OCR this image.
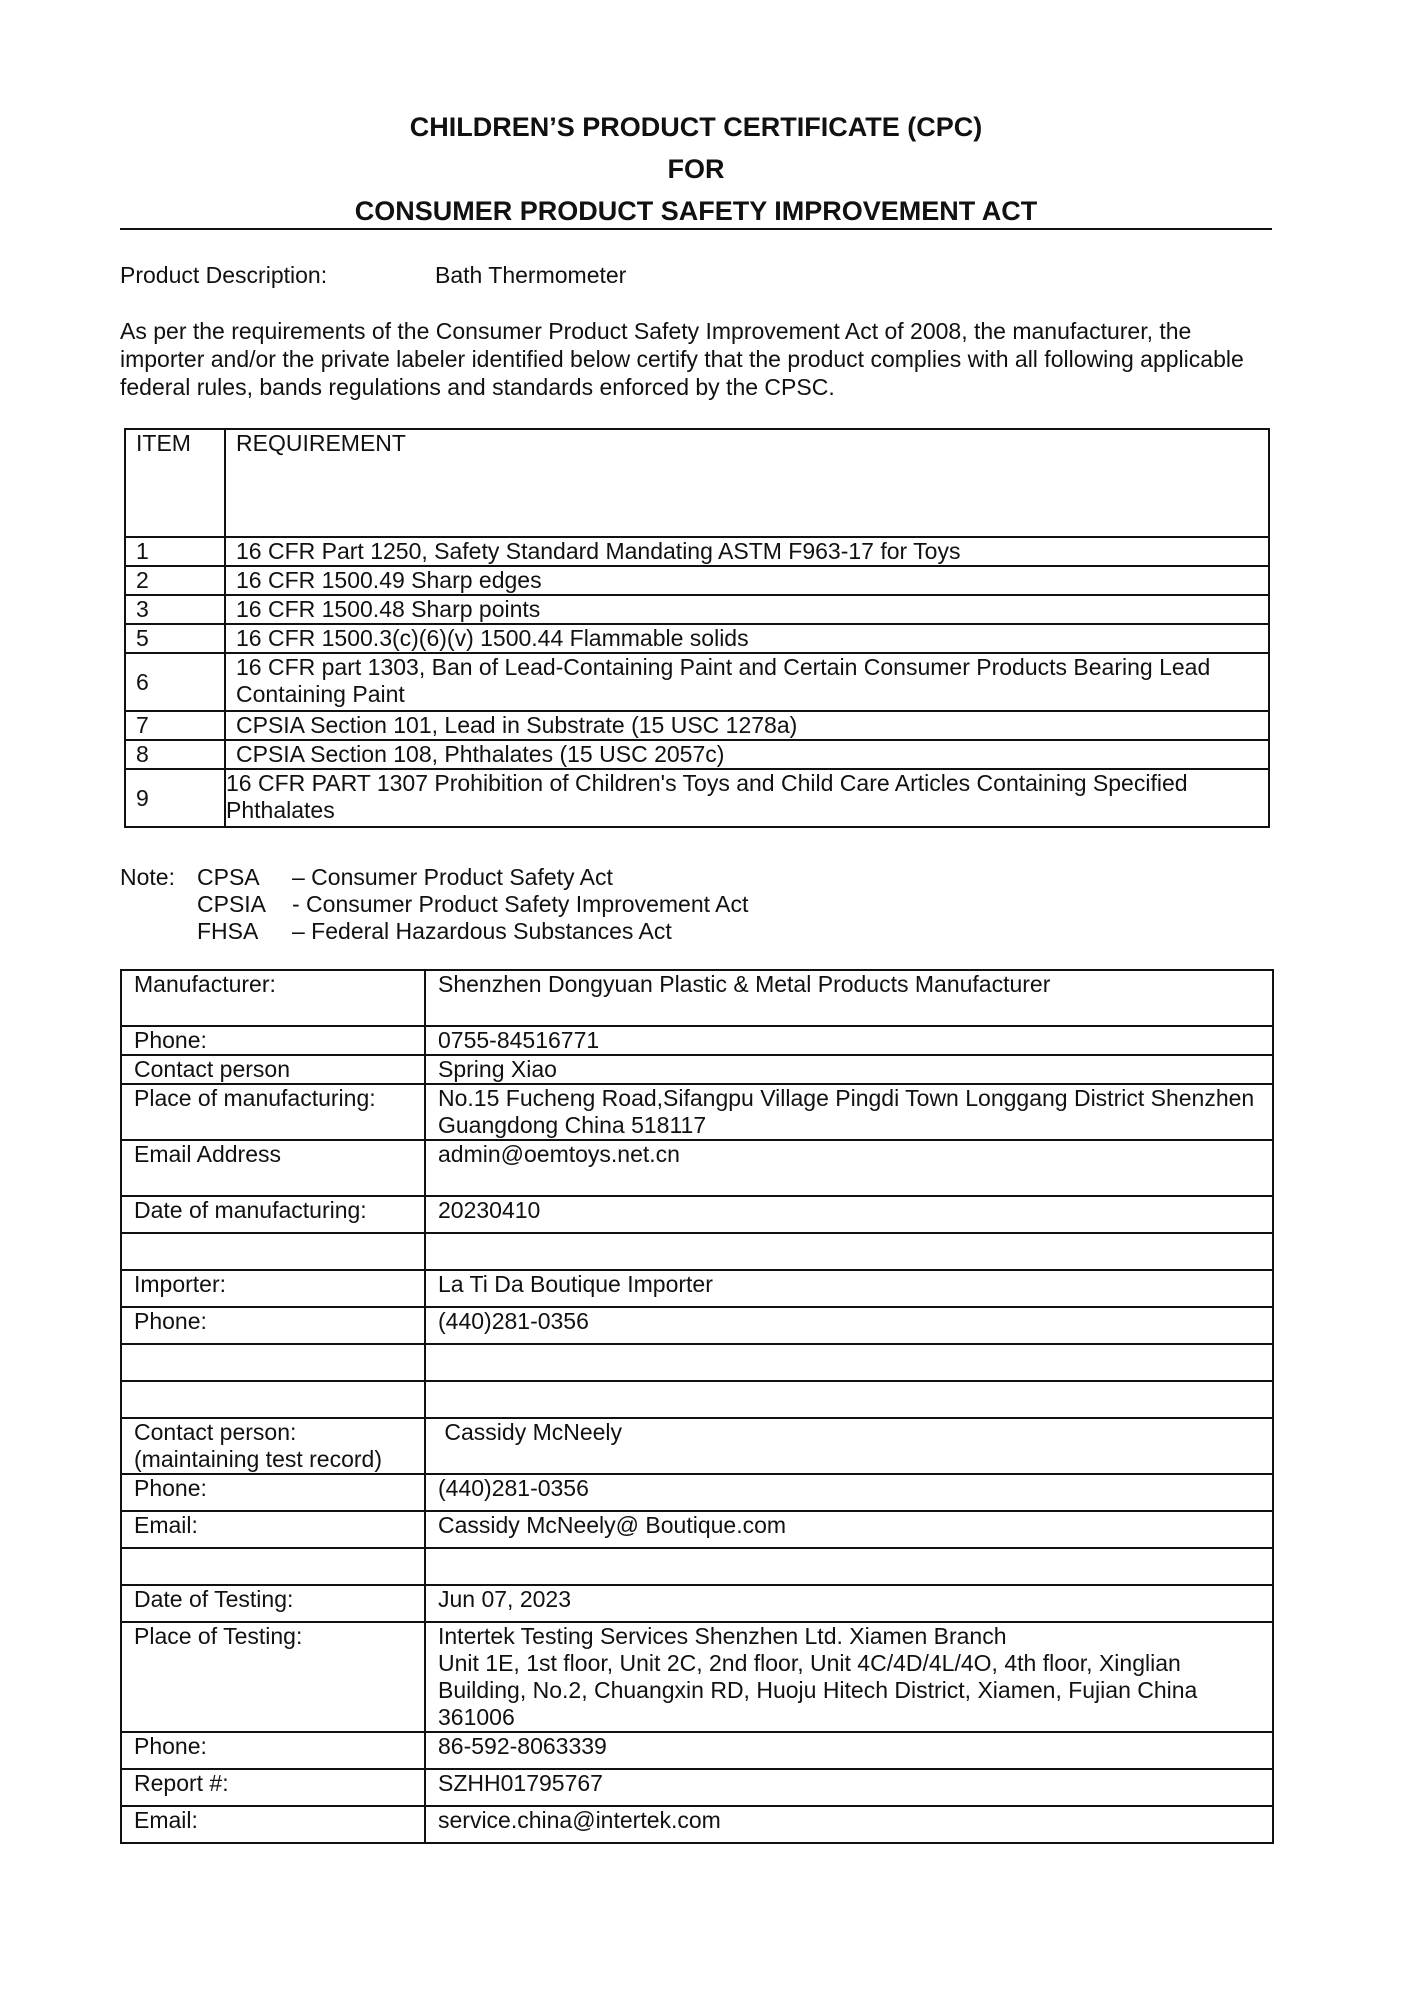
CHILDREN’S PRODUCT CERTIFICATE (CPC)
FOR
CONSUMER PRODUCT SAFETY IMPROVEMENT ACT
Product Description:	Bath Thermometer
As per the requirements of the Consumer Product Safety Improvement Act of 2008, the manufacturer, the importer and/or the private labeler identified below certify that the product complies with all following applicable federal rules, bands regulations and standards enforced by the CPSC.
ITEM	REQUIREMENT
1	16 CFR Part 1250, Safety Standard Mandating ASTM F963-17 for Toys
2	16 CFR 1500.49 Sharp edges
3	16 CFR 1500.48 Sharp points
5	16 CFR 1500.3(c)(6)(v) 1500.44 Flammable solids
6	16 CFR part 1303, Ban of Lead-Containing Paint and Certain Consumer Products Bearing Lead Containing Paint
7	CPSIA Section 101, Lead in Substrate (15 USC 1278a)
8	CPSIA Section 108, Phthalates (15 USC 2057c)
9	16 CFR PART 1307 Prohibition of Children's Toys and Child Care Articles Containing Specified Phthalates
Note: CPSA	– Consumer Product Safety Act
CPSIA	- Consumer Product Safety Improvement Act
FHSA	– Federal Hazardous Substances Act
Manufacturer:	Shenzhen Dongyuan Plastic & Metal Products Manufacturer
Phone:	0755-84516771
Contact person	Spring Xiao
Place of manufacturing:	No.15 Fucheng Road,Sifangpu Village Pingdi Town Longgang District Shenzhen Guangdong China 518117
Email Address	admin@oemtoys.net.cn
Date of manufacturing:	20230410

Importer:	La Ti Da Boutique Importer
Phone:	(440)281-0356

Contact person:
(maintaining test record)	Cassidy McNeely
Phone:	(440)281-0356
Email:	Cassidy McNeely@ Boutique.com

Date of Testing:	Jun 07, 2023
Place of Testing:	Intertek Testing Services Shenzhen Ltd. Xiamen Branch
Unit 1E, 1st floor, Unit 2C, 2nd floor, Unit 4C/4D/4L/4O, 4th floor, Xinglian Building, No.2, Chuangxin RD, Huoju Hitech District, Xiamen, Fujian China 361006

Phone:	86-592-8063339
Report #:	SZHH01795767
Email:	service.china@intertek.com
